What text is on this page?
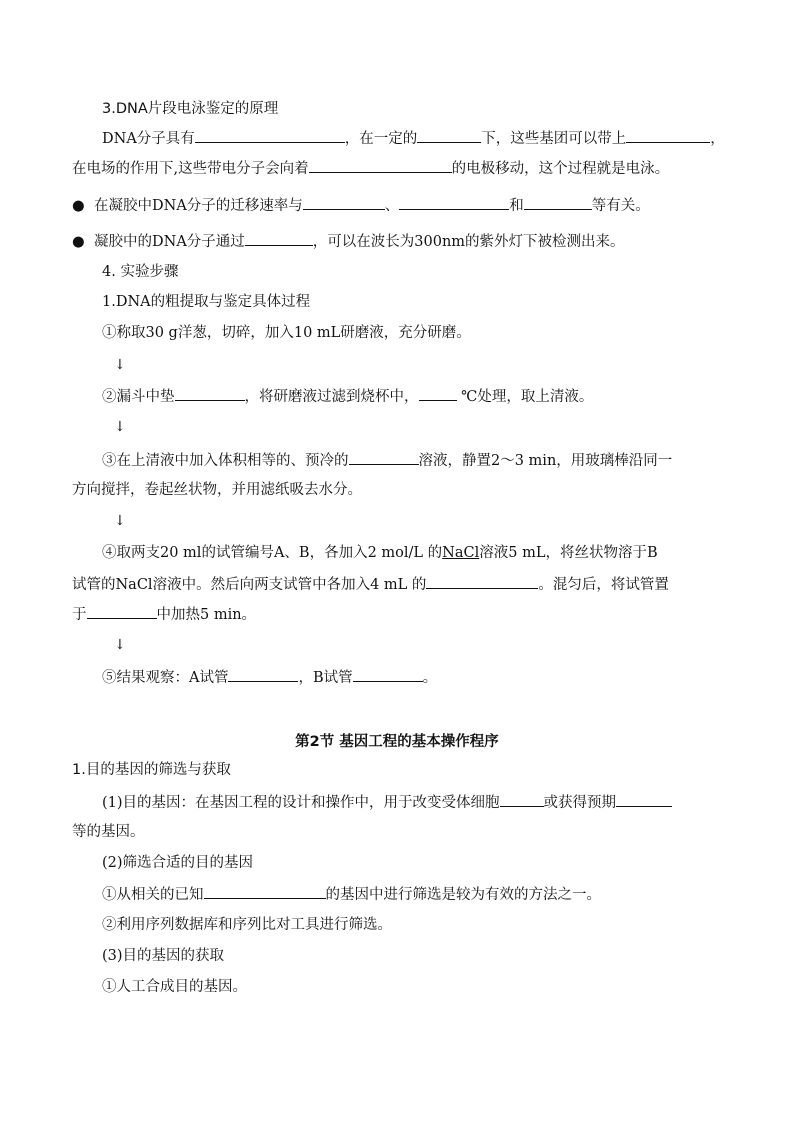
3.DNA片段电泳鉴定的原理
DNA分子具有	，在一定的	下，这些基团可以带上	，
在电场的作用下,这些带电分子会向着	的电极移动，这个过程就是电泳。
● 在凝胶中DNA分子的迁移速率与	、	和	等有关。
● 凝胶中的DNA分子通过	，可以在波长为300nm的紫外灯下被检测出来。
4. 实验步骤
1.DNA的粗提取与鉴定具体过程
①称取30 g洋葱，切碎，加入10 mL研磨液，充分研磨。
↓
②漏斗中垫	，将研磨液过滤到烧杯中，	℃处理，取上清液。
↓
③在上清液中加入体积相等的、预冷的	溶液，静置2～3 min，用玻璃棒沿同一
方向搅拌，卷起丝状物，并用滤纸吸去水分。
↓
④取两支20 ml的试管编号A、B，各加入2 mol/L 的NaCl溶液5 mL，将丝状物溶于B
试管的NaCl溶液中。然后向两支试管中各加入4 mL 的	。混匀后，将试管置
于	中加热5 min。
↓
⑤结果观察：A试管	，B试管	。
第2节 基因工程的基本操作程序
1.目的基因的筛选与获取
(1)目的基因：在基因工程的设计和操作中，用于改变受体细胞	或获得预期
等的基因。
(2)筛选合适的目的基因
①从相关的已知	的基因中进行筛选是较为有效的方法之一。
②利用序列数据库和序列比对工具进行筛选。
(3)目的基因的获取
①人工合成目的基因。
